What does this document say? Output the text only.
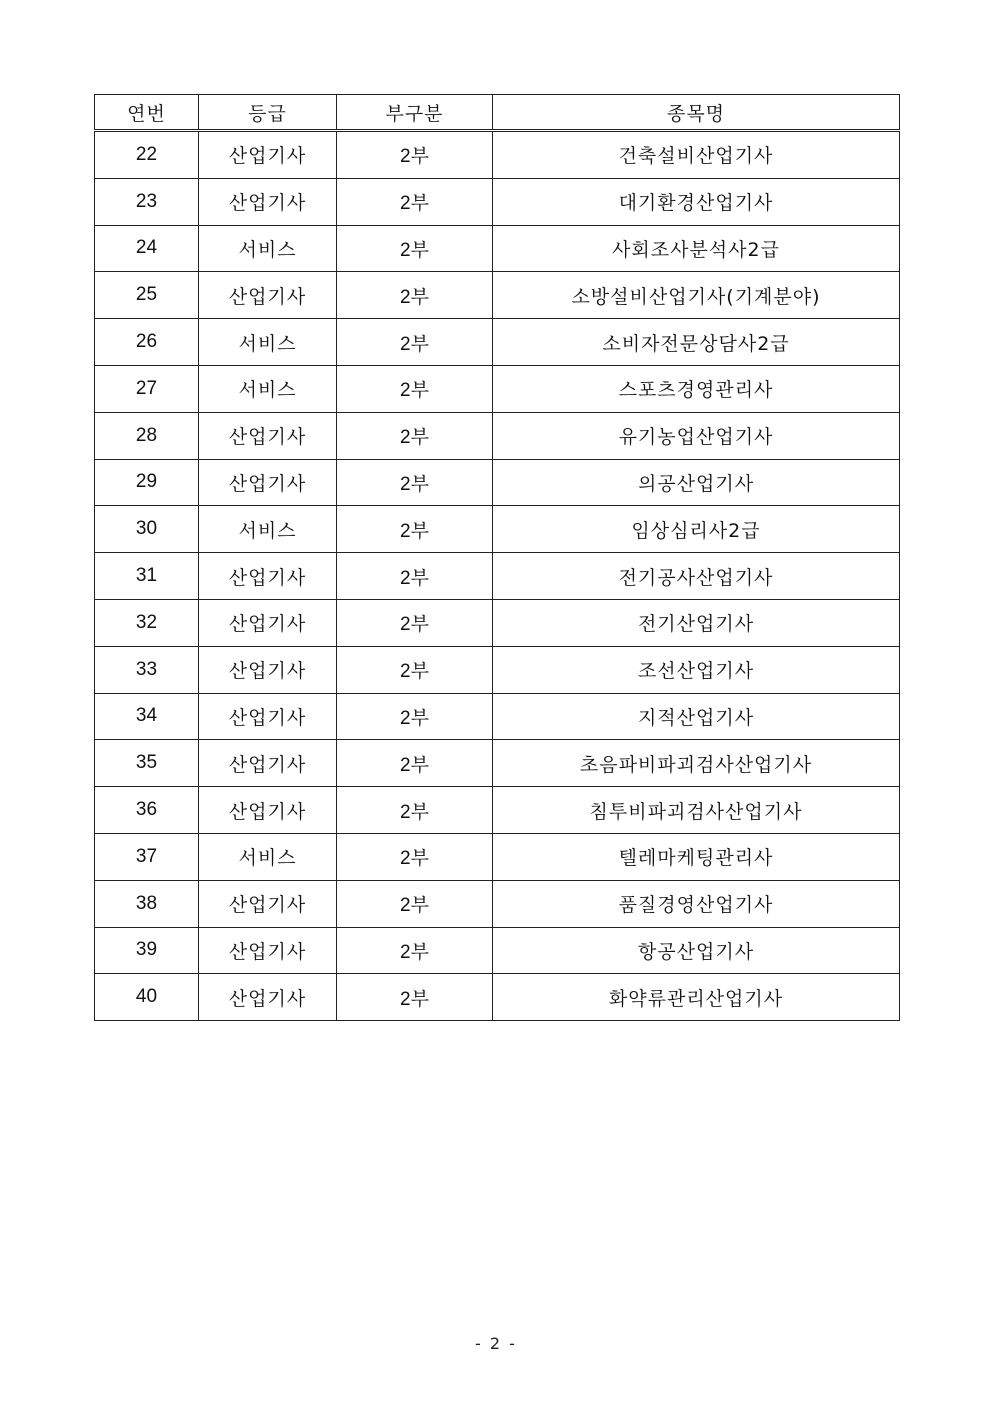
연번	등급	부구분	종목명
22	산업기사	2부	건축설비산업기사
23	산업기사	2부	대기환경산업기사
24	서비스	2부	사회조사분석사2급
25	산업기사	2부	소방설비산업기사(기계분야)
26	서비스	2부	소비자전문상담사2급
27	서비스	2부	스포츠경영관리사
28	산업기사	2부	유기농업산업기사
29	산업기사	2부	의공산업기사
30	서비스	2부	임상심리사2급
31	산업기사	2부	전기공사산업기사
32	산업기사	2부	전기산업기사
33	산업기사	2부	조선산업기사
34	산업기사	2부	지적산업기사
35	산업기사	2부	초음파비파괴검사산업기사
36	산업기사	2부	침투비파괴검사산업기사
37	서비스	2부	텔레마케팅관리사
38	산업기사	2부	품질경영산업기사
39	산업기사	2부	항공산업기사
40	산업기사	2부	화약류관리산업기사
- 2 -
